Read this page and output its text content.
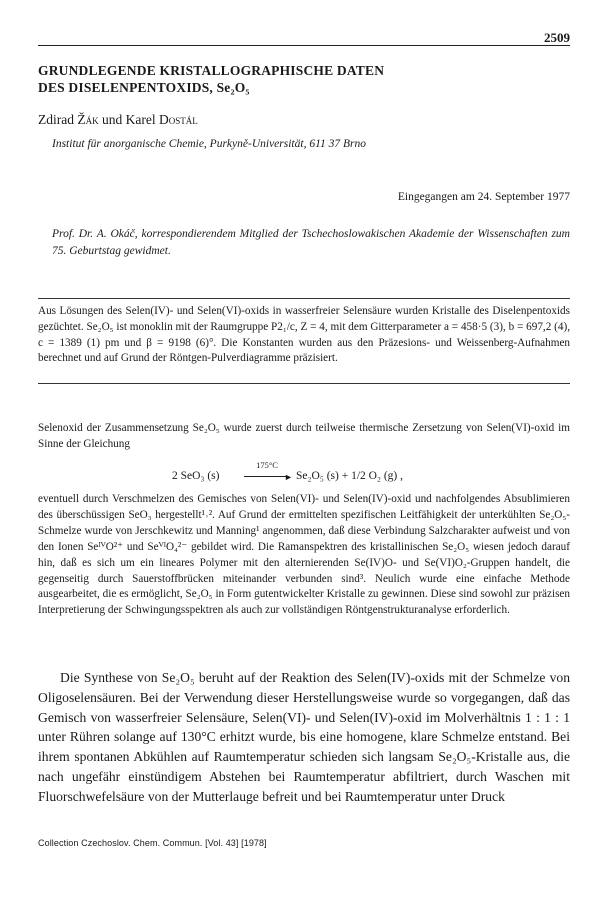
2509
GRUNDLEGENDE KRISTALLOGRAPHISCHE DATEN
DES DISELENPENTOXIDS, Se₂O₅
Zdirad Žák und Karel Dostál
Institut für anorganische Chemie, Purkyně-Universität, 611 37 Brno
Eingegangen am 24. September 1977
Prof. Dr. A. Okáč, korrespondierendem Mitglied der Tschechoslowakischen Akademie der Wissenschaften zum 75. Geburtstag gewidmet.
Aus Lösungen des Selen(IV)- und Selen(VI)-oxids in wasserfreier Selensäure wurden Kristalle des Diselenpentoxids gezüchtet. Se₂O₅ ist monoklin mit der Raumgruppe P2₁/c, Z = 4, mit dem Gitterparameter a = 458·5 (3), b = 697,2 (4), c = 1389 (1) pm und β = 9198 (6)°. Die Konstanten wurden aus den Präzesions- und Weissenberg-Aufnahmen berechnet und auf Grund der Röntgen-Pulverdiagramme präzisiert.
Selenoxid der Zusammensetzung Se₂O₅ wurde zuerst durch teilweise thermische Zersetzung von Selen(VI)-oxid im Sinne der Gleichung
2 SeO₃ (s)
175°C
► Se₂O₅ (s) + 1/2 O₂ (g) ,
eventuell durch Verschmelzen des Gemisches von Selen(VI)- und Selen(IV)-oxid und nachfolgendes Absublimieren des überschüssigen SeO₃ hergestellt¹˒². Auf Grund der ermittelten spezifischen Leitfähigkeit der unterkühlten Se₂O₅-Schmelze wurde von Jerschkewitz und Manning¹ angenommen, daß diese Verbindung Salzcharakter aufweist und von den Ionen SeᴵⱽO²⁺ und SeⱽᴵO₄²⁻ gebildet wird. Die Ramanspektren des kristallinischen Se₂O₅ wiesen jedoch darauf hin, daß es sich um ein lineares Polymer mit den alternierenden Se(IV)O- und Se(VI)O₂-Gruppen handelt, die gegenseitig durch Sauerstoffbrücken miteinander verbunden sind³. Neulich wurde eine einfache Methode ausgearbeitet, die es ermöglicht, Se₂O₅ in Form gutentwickelter Kristalle zu gewinnen. Diese sind sowohl zur präzisen Interpretierung der Schwingungsspektren als auch zur vollständigen Röntgenstrukturanalyse erforderlich.
Die Synthese von Se₂O₅ beruht auf der Reaktion des Selen(IV)-oxids mit der Schmelze von Oligoselensäuren. Bei der Verwendung dieser Herstellungsweise wurde so vorgegangen, daß das Gemisch von wasserfreier Selensäure, Selen(VI)- und Selen(IV)-oxid im Molverhältnis 1 : 1 : 1 unter Rühren solange auf 130°C erhitzt wurde, bis eine homogene, klare Schmelze entstand. Bei ihrem spontanen Abkühlen auf Raumtemperatur schieden sich langsam Se₂O₅-Kristalle aus, die nach ungefähr einstündigem Abstehen bei Raumtemperatur abfiltriert, durch Waschen mit Fluorschwefelsäure von der Mutterlauge befreit und bei Raumtemperatur unter Druck
Collection Czechoslov. Chem. Commun. [Vol. 43] [1978]
